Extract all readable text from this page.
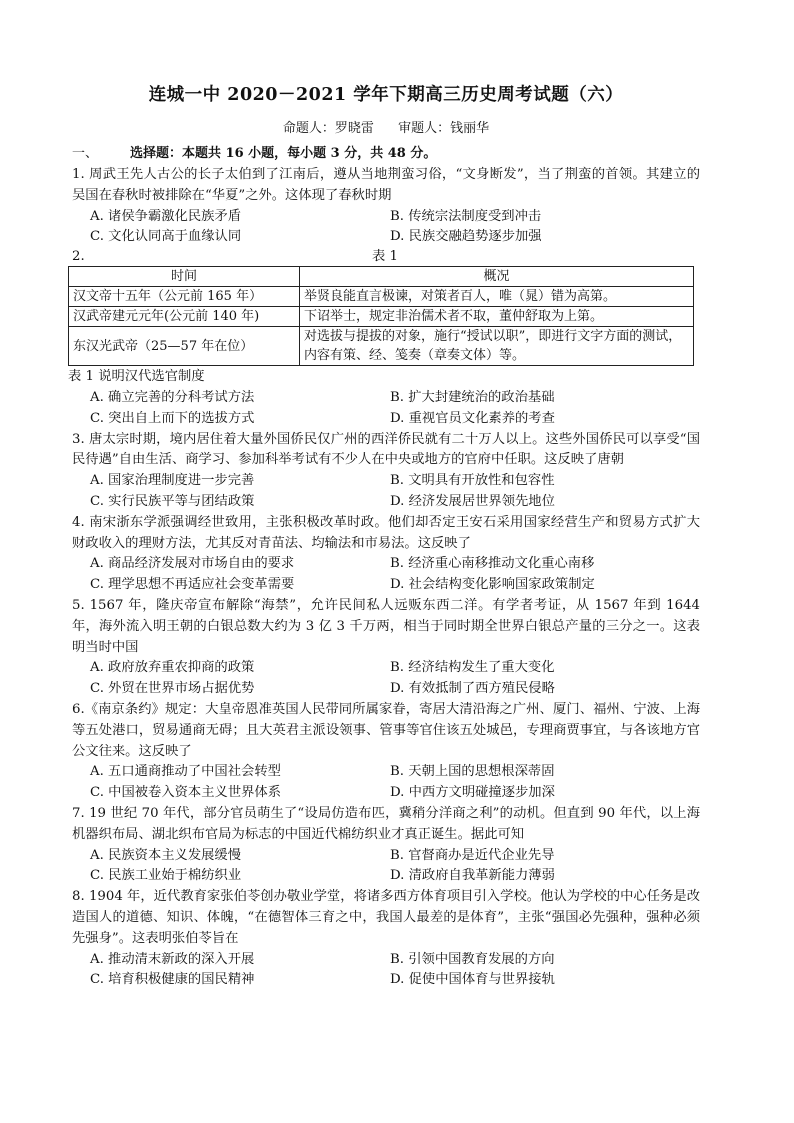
连城一中 2020－2021 学年下期高三历史周考试题（六）
命题人：罗晓雷 审题人：钱丽华
一、 选择题：本题共 16 小题，每小题 3 分，共 48 分。

1. 周武王先人古公的长子太伯到了江南后，遵从当地荆蛮习俗，“文身断发”，当了荆蛮的首领。其建立的吴国在春秋时被排除在“华夏”之外。这体现了春秋时期

A. 诸侯争霸激化民族矛盾	B. 传统宗法制度受到冲击
C. 文化认同高于血缘认同	D. 民族交融趋势逐步加强
2.	表 1
时间	概况
汉文帝十五年（公元前 165 年）	举贤良能直言极谏，对策者百人，唯（晁）错为高第。
汉武帝建元元年(公元前 140 年)	下诏举士，规定非治儒术者不取，董仲舒取为上第。
东汉光武帝（25—57 年在位）	对选拔与提拔的对象，施行“授试以职”，即进行文字方面的测试，内容有策、经、笺奏（章奏文体）等。
表 1 说明汉代选官制度
A. 确立完善的分科考试方法	B. 扩大封建统治的政治基础
C. 突出自上而下的选拔方式	D. 重视官员文化素养的考查

3. 唐太宗时期，境内居住着大量外国侨民仅广州的西洋侨民就有二十万人以上。这些外国侨民可以享受“国民待遇”自由生活、商学习、参加科举考试有不少人在中央或地方的官府中任职。这反映了唐朝

A. 国家治理制度进一步完善	B. 文明具有开放性和包容性
C. 实行民族平等与团结政策	D. 经济发展居世界领先地位

4. 南宋浙东学派强调经世致用，主张积极改革时政。他们却否定王安石采用国家经营生产和贸易方式扩大财政收入的理财方法，尤其反对青苗法、均输法和市易法。这反映了

A. 商品经济发展对市场自由的要求	B. 经济重心南移推动文化重心南移
C. 理学思想不再适应社会变革需要	D. 社会结构变化影响国家政策制定

5. 1567 年，隆庆帝宣布解除“海禁”，允许民间私人远贩东西二洋。有学者考证，从 1567 年到 1644 年，海外流入明王朝的白银总数大约为 3 亿 3 千万两，相当于同时期全世界白银总产量的三分之一。这表明当时中国

A. 政府放弃重农抑商的政策	B. 经济结构发生了重大变化
C. 外贸在世界市场占据优势	D. 有效抵制了西方殖民侵略

6.《南京条约》规定：大皇帝恩准英国人民带同所属家眷，寄居大清沿海之广州、厦门、福州、宁波、上海等五处港口，贸易通商无碍；且大英君主派设领事、管事等官住该五处城邑，专理商贾事宜，与各该地方官公文往来。这反映了

A. 五口通商推动了中国社会转型	B. 天朝上国的思想根深蒂固
C. 中国被卷入资本主义世界体系	D. 中西方文明碰撞逐步加深

7. 19 世纪 70 年代，部分官员萌生了“设局仿造布匹，冀稍分洋商之利”的动机。但直到 90 年代，以上海机器织布局、湖北织布官局为标志的中国近代棉纺织业才真正诞生。据此可知

A. 民族资本主义发展缓慢	B. 官督商办是近代企业先导
C. 民族工业始于棉纺织业	D. 清政府自我革新能力薄弱

8. 1904 年，近代教育家张伯苓创办敬业学堂，将诸多西方体育项目引入学校。他认为学校的中心任务是改造国人的道德、知识、体魄，“在德智体三育之中，我国人最差的是体育”，主张“强国必先强种，强种必须先强身”。这表明张伯苓旨在

A. 推动清末新政的深入开展	B. 引领中国教育发展的方向
C. 培育积极健康的国民精神	D. 促使中国体育与世界接轨
